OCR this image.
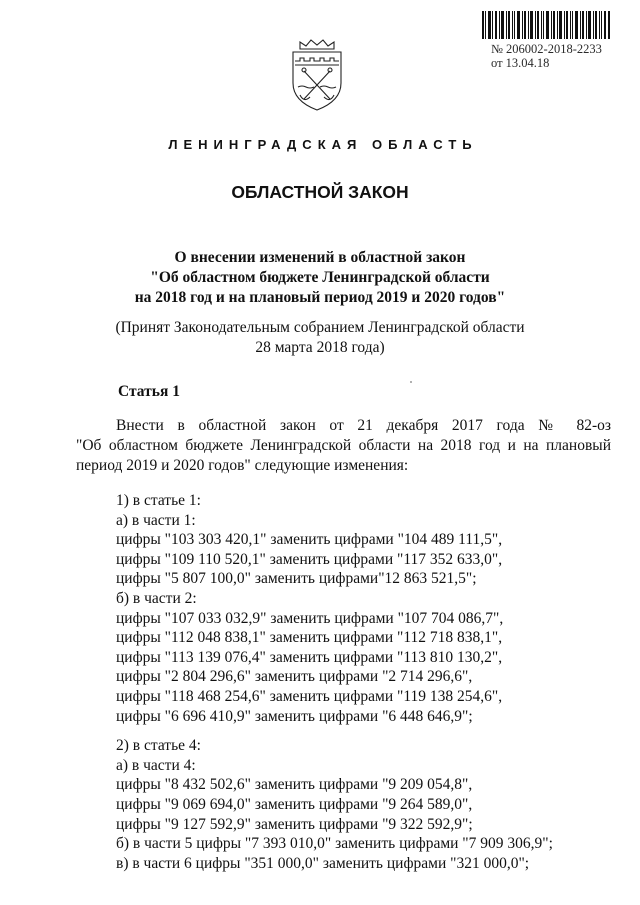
№ 206002-2018-2233
от 13.04.18
ЛЕНИНГРАДСКАЯ ОБЛАСТЬ
ОБЛАСТНОЙ ЗАКОН
О внесении изменений в областной закон
"Об областном бюджете Ленинградской области
на 2018 год и на плановый период 2019 и 2020 годов"
(Принят Законодательным собранием Ленинградской области
28 марта 2018 года)
Статья 1
Внести в областной закон от 21 декабря 2017 года № 82-оз
"Об областном бюджете Ленинградской области на 2018 год и на плановый
период 2019 и 2020 годов" следующие изменения:
1) в статье 1:
а) в части 1:
цифры "103 303 420,1" заменить цифрами "104 489 111,5",
цифры "109 110 520,1" заменить цифрами "117 352 633,0",
цифры "5 807 100,0" заменить цифрами"12 863 521,5";
б) в части 2:
цифры "107 033 032,9" заменить цифрами "107 704 086,7",
цифры "112 048 838,1" заменить цифрами "112 718 838,1",
цифры "113 139 076,4" заменить цифрами "113 810 130,2",
цифры "2 804 296,6" заменить цифрами "2 714 296,6",
цифры "118 468 254,6" заменить цифрами "119 138 254,6",
цифры "6 696 410,9" заменить цифрами "6 448 646,9";
2) в статье 4:
а) в части 4:
цифры "8 432 502,6" заменить цифрами "9 209 054,8",
цифры "9 069 694,0" заменить цифрами "9 264 589,0",
цифры "9 127 592,9" заменить цифрами "9 322 592,9";
б) в части 5 цифры "7 393 010,0" заменить цифрами "7 909 306,9";
в) в части 6 цифры "351 000,0" заменить цифрами "321 000,0";
